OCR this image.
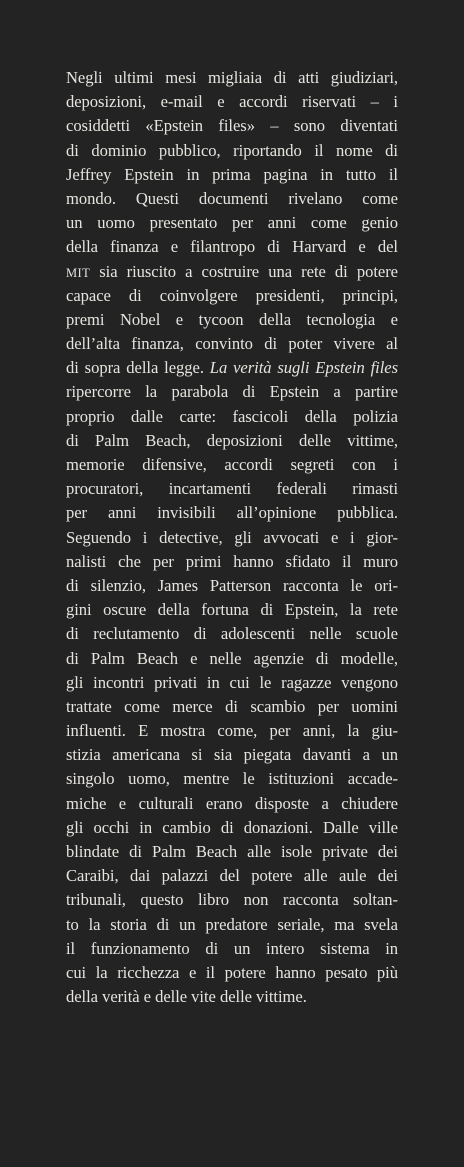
Negli ultimi mesi migliaia di atti giudiziari,
deposizioni, e-mail e accordi riservati – i
cosiddetti «Epstein files» – sono diventati
di dominio pubblico, riportando il nome di
Jeffrey Epstein in prima pagina in tutto il
mondo. Questi documenti rivelano come
un uomo presentato per anni come genio
della finanza e filantropo di Harvard e del
MIT sia riuscito a costruire una rete di potere
capace di coinvolgere presidenti, principi,
premi Nobel e tycoon della tecnologia e
dell’alta finanza, convinto di poter vivere al
di sopra della legge. La verità sugli Epstein files
ripercorre la parabola di Epstein a partire
proprio dalle carte: fascicoli della polizia
di Palm Beach, deposizioni delle vittime,
memorie difensive, accordi segreti con i
procuratori, incartamenti federali rimasti
per anni invisibili all’opinione pubblica.
Seguendo i detective, gli avvocati e i gior-
nalisti che per primi hanno sfidato il muro
di silenzio, James Patterson racconta le ori-
gini oscure della fortuna di Epstein, la rete
di reclutamento di adolescenti nelle scuole
di Palm Beach e nelle agenzie di modelle,
gli incontri privati in cui le ragazze vengono
trattate come merce di scambio per uomini
influenti. E mostra come, per anni, la giu-
stizia americana si sia piegata davanti a un
singolo uomo, mentre le istituzioni accade-
miche e culturali erano disposte a chiudere
gli occhi in cambio di donazioni. Dalle ville
blindate di Palm Beach alle isole private dei
Caraibi, dai palazzi del potere alle aule dei
tribunali, questo libro non racconta soltan-
to la storia di un predatore seriale, ma svela
il funzionamento di un intero sistema in
cui la ricchezza e il potere hanno pesato più
della verità e delle vite delle vittime.
